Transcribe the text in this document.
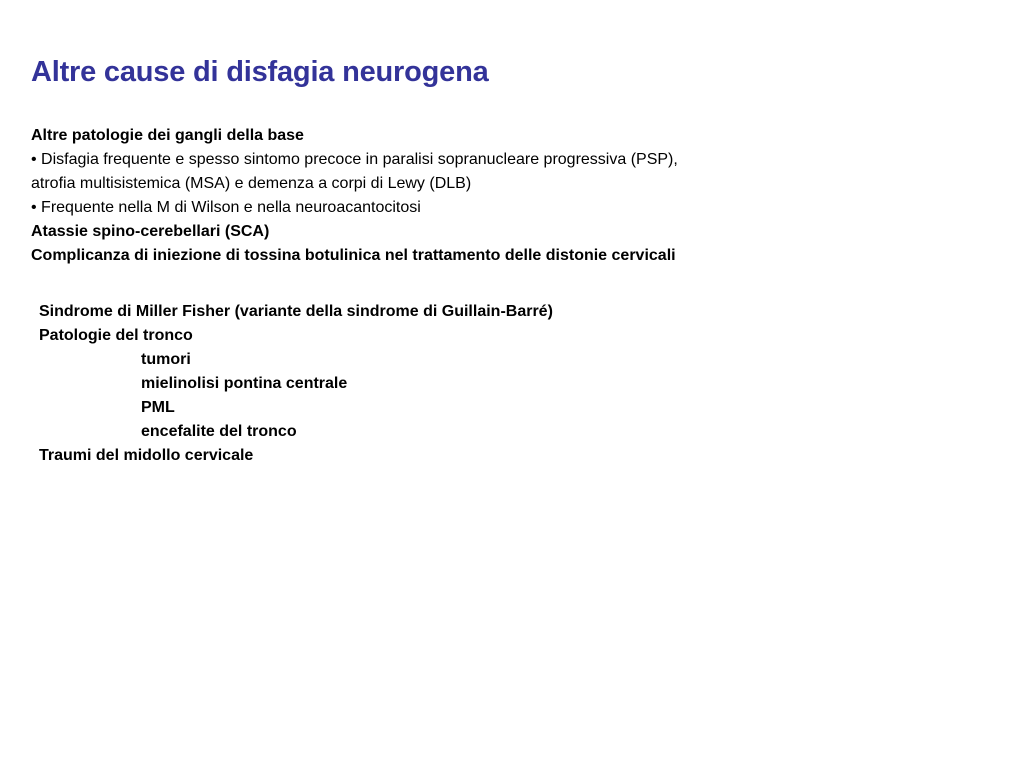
Altre cause di disfagia neurogena
Altre patologie dei gangli della base
• Disfagia frequente e spesso sintomo precoce in paralisi sopranucleare progressiva (PSP),
atrofia multisistemica (MSA) e demenza a corpi di Lewy (DLB)
• Frequente nella M di Wilson e nella neuroacantocitosi
Atassie spino-cerebellari (SCA)
Complicanza di iniezione di tossina botulinica nel trattamento delle distonie cervicali
Sindrome di Miller Fisher (variante della sindrome di Guillain-Barré)
Patologie del tronco
tumori
mielinolisi pontina centrale
PML
encefalite del tronco
Traumi del midollo cervicale
